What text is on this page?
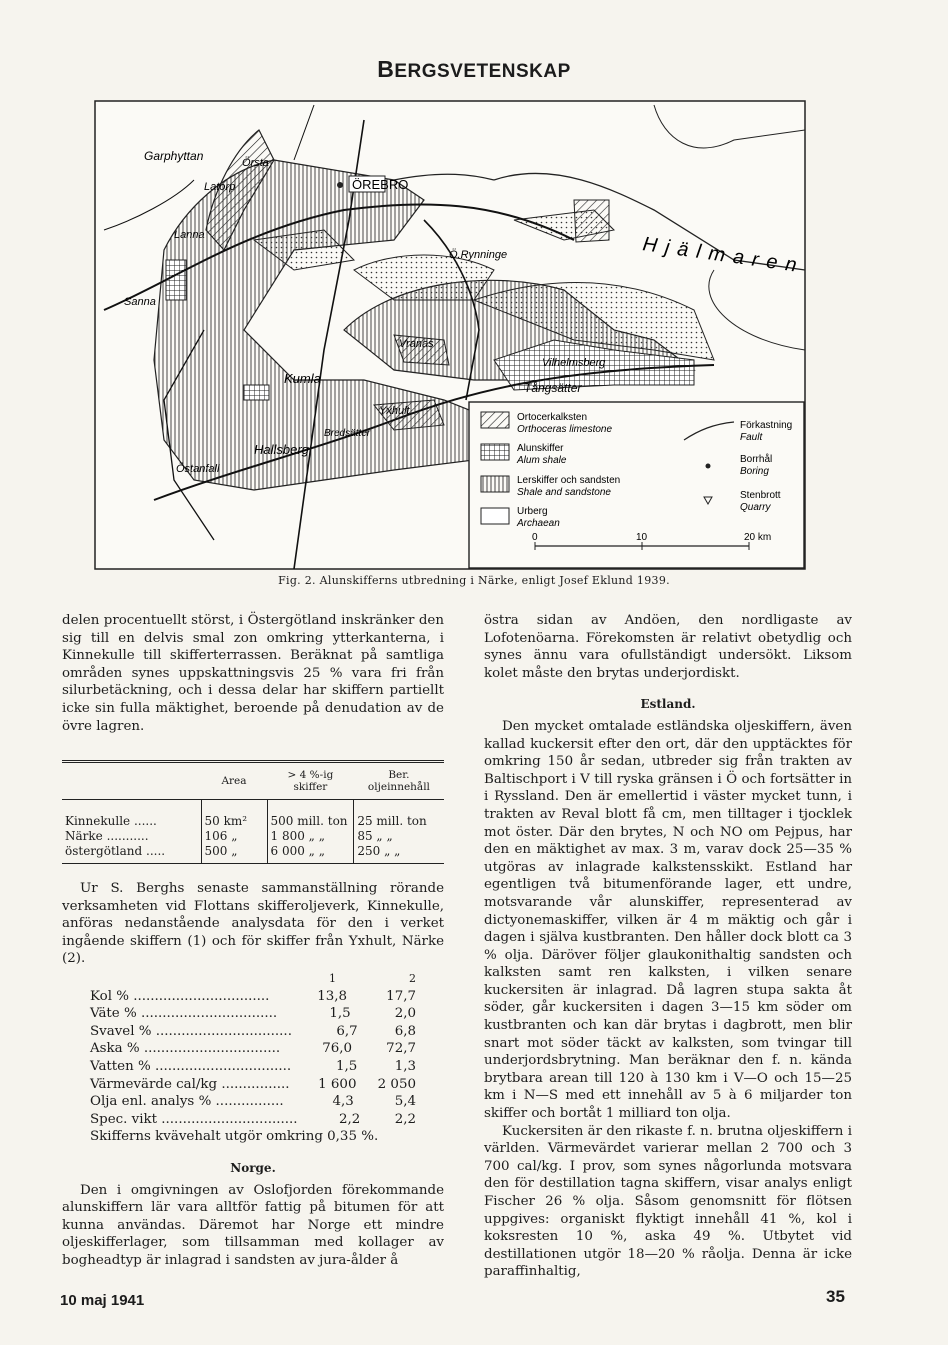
BERGSVETENSKAP
Garphyttan	Örsta
Latorp	ÖREBRO
Lanna
Ö.Rynninge	Hjälmaren
Sanna
Vranäs
Kumla
Vilhelmsberg
Tångsätter
Yxhult
Hallsberg
Bredsätter
Östanfall
Ortocerkalksten
Orthoceras limestone
Alunskiffer
Alum shale
Lerskiffer och sandsten
Shale and sandstone
Urberg
Archaean
Förkastning
Fault
Borrhål
Boring
Stenbrott
Quarry
0	10	20 km
Fig. 2. Alunskifferns utbredning i Närke, enligt Josef Eklund 1939.

delen procentuellt störst, i Östergötland inskränker den sig till en delvis smal zon omkring ytterkanterna, i Kinnekulle till skifferterrassen. Beräknat på samtliga områden synes uppskattningsvis 25 % vara fri från silurbetäckning, och i dessa delar har skiffern partiellt icke sin fulla mäktighet, beroende på denudation av de övre lagren.

	Area	> 4 %-ig skiffer	Ber. oljeinnehåll
Kinnekulle ......	50 km²	500 mill. ton	25 mill. ton
Närke ...........	106 „	1 800 „ „	85 „ „
östergötland .....	500 „	6 000 „ „	250 „ „

Ur S. Berghs senaste sammanställning rörande verksamheten vid Flottans skifferoljeverk, Kinnekulle, anföras nedanstående analysdata för den i verket ingående skiffern (1) och för skiffer från Yxhult, Närke (2).

1	2
Kol % ................................	13,8	17,7
Väte % ................................	1,5	2,0
Svavel % ................................	6,7	6,8
Aska % ................................	76,0	72,7
Vatten % ................................	1,5	1,3
Värmevärde cal/kg ................	1 600	2 050
Olja enl. analys % ................	4,3	5,4
Spec. vikt ................................	2,2	2,2
Skifferns kvävehalt utgör omkring 0,35 %.
Norge.

Den i omgivningen av Oslofjorden förekommande alunskiffern lär vara alltför fattig på bitumen för att kunna användas. Däremot har Norge ett mindre oljeskifferlager, som tillsamman med kollager av bogheadtyp är inlagrad i sandsten av jura-ålder å

östra sidan av Andöen, den nordligaste av Lofotenöarna. Förekomsten är relativt obetydlig och synes ännu vara ofullständigt undersökt. Liksom kolet måste den brytas underjordiskt.

Estland.

Den mycket omtalade estländska oljeskiffern, även kallad kuckersit efter den ort, där den upptäcktes för omkring 150 år sedan, utbreder sig från trakten av Baltischport i V till ryska gränsen i Ö och fortsätter in i Ryssland. Den är emellertid i väster mycket tunn, i trakten av Reval blott få cm, men tilltager i tjocklek mot öster. Där den brytes, N och NO om Pejpus, har den en mäktighet av max. 3 m, varav dock 25—35 % utgöras av inlagrade kalkstensskikt. Estland har egentligen två bitumenförande lager, ett undre, motsvarande vår alunskiffer, representerad av dictyonemaskiffer, vilken är 4 m mäktig och går i dagen i själva kustbranten. Den håller dock blott ca 3 % olja. Däröver följer glaukonithaltig sandsten och kalksten samt ren kalksten, i vilken senare kuckersiten är inlagrad. Då lagren stupa sakta åt söder, går kuckersiten i dagen 3—15 km söder om kustbranten och kan där brytas i dagbrott, men blir snart mot söder täckt av kalksten, som tvingar till underjordsbrytning. Man beräknar den f. n. kända brytbara arean till 120 à 130 km i V—O och 15—25 km i N—S med ett innehåll av 5 à 6 miljarder ton skiffer och bortåt 1 milliard ton olja.

Kuckersiten är den rikaste f. n. brutna oljeskiffern i världen. Värmevärdet varierar mellan 2 700 och 3 700 cal/kg. I prov, som synes någorlunda motsvara den för destillation tagna skiffern, visar analys enligt Fischer 26 % olja. Såsom genomsnitt för flötsen uppgives: organiskt flyktigt innehåll 41 %, kol i koksresten 10 %, aska 49 %. Utbytet vid destillationen utgör 18—20 % råolja. Denna är icke paraffinhaltig,

10 maj 1941	35
